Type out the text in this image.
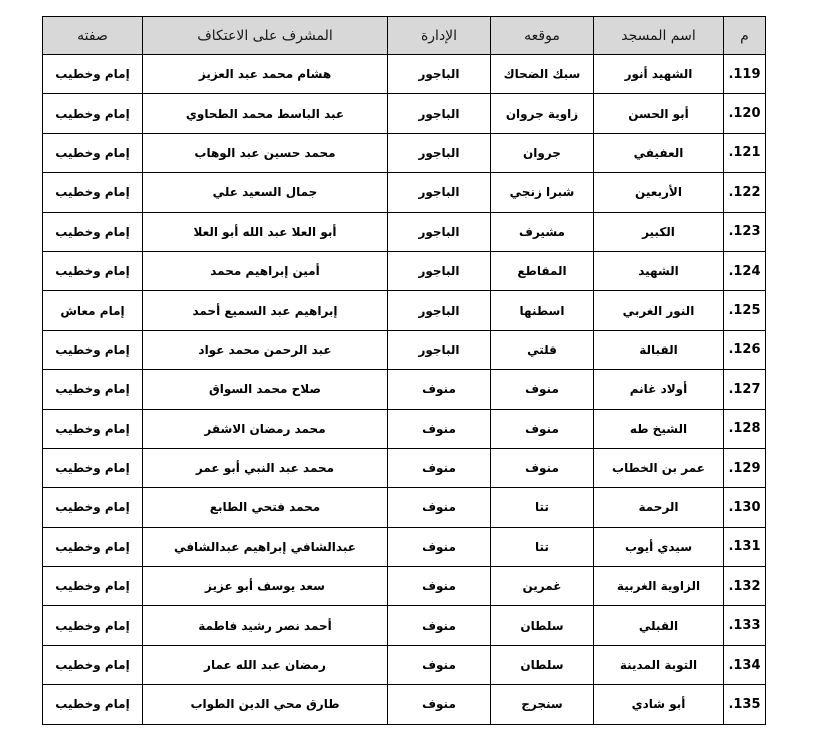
م	اسم المسجد	موقعه	الإدارة	المشرف على الاعتكاف	صفته
.119	الشهيد أنور	سبك الضحاك	الباجور	هشام محمد عبد العزيز	إمام وخطيب
.120	أبو الحسن	زاوية جروان	الباجور	عبد الباسط محمد الطحاوي	إمام وخطيب
.121	العفيفي	جروان	الباجور	محمد حسين عبد الوهاب	إمام وخطيب
.122	الأربعين	شبرا زنجي	الباجور	جمال السعيد علي	إمام وخطيب
.123	الكبير	مشيرف	الباجور	أبو العلا عبد الله أبو العلا	إمام وخطيب
.124	الشهيد	المقاطع	الباجور	أمين إبراهيم محمد	إمام وخطيب
.125	النور الغربي	اسطنها	الباجور	إبراهيم عبد السميع أحمد	إمام معاش
.126	القبالة	قلتي	الباجور	عبد الرحمن محمد عواد	إمام وخطيب
.127	أولاد غانم	منوف	منوف	صلاح محمد السواق	إمام وخطيب
.128	الشيخ طه	منوف	منوف	محمد رمضان الاشقر	إمام وخطيب
.129	عمر بن الخطاب	منوف	منوف	محمد عبد النبي أبو عمر	إمام وخطيب
.130	الرحمة	تتا	منوف	محمد فتحي الطابع	إمام وخطيب
.131	سيدي أيوب	تتا	منوف	عبدالشافي إبراهيم عبدالشافي	إمام وخطيب
.132	الزاوية الغربية	غمرين	منوف	سعد يوسف أبو عزيز	إمام وخطيب
.133	القبلي	سلطان	منوف	أحمد نصر رشيد فاطمة	إمام وخطيب
.134	التوبة المدينة	سلطان	منوف	رمضان عبد الله عمار	إمام وخطيب
.135	أبو شادي	سنجرج	منوف	طارق محي الدين الطواب	إمام وخطيب
